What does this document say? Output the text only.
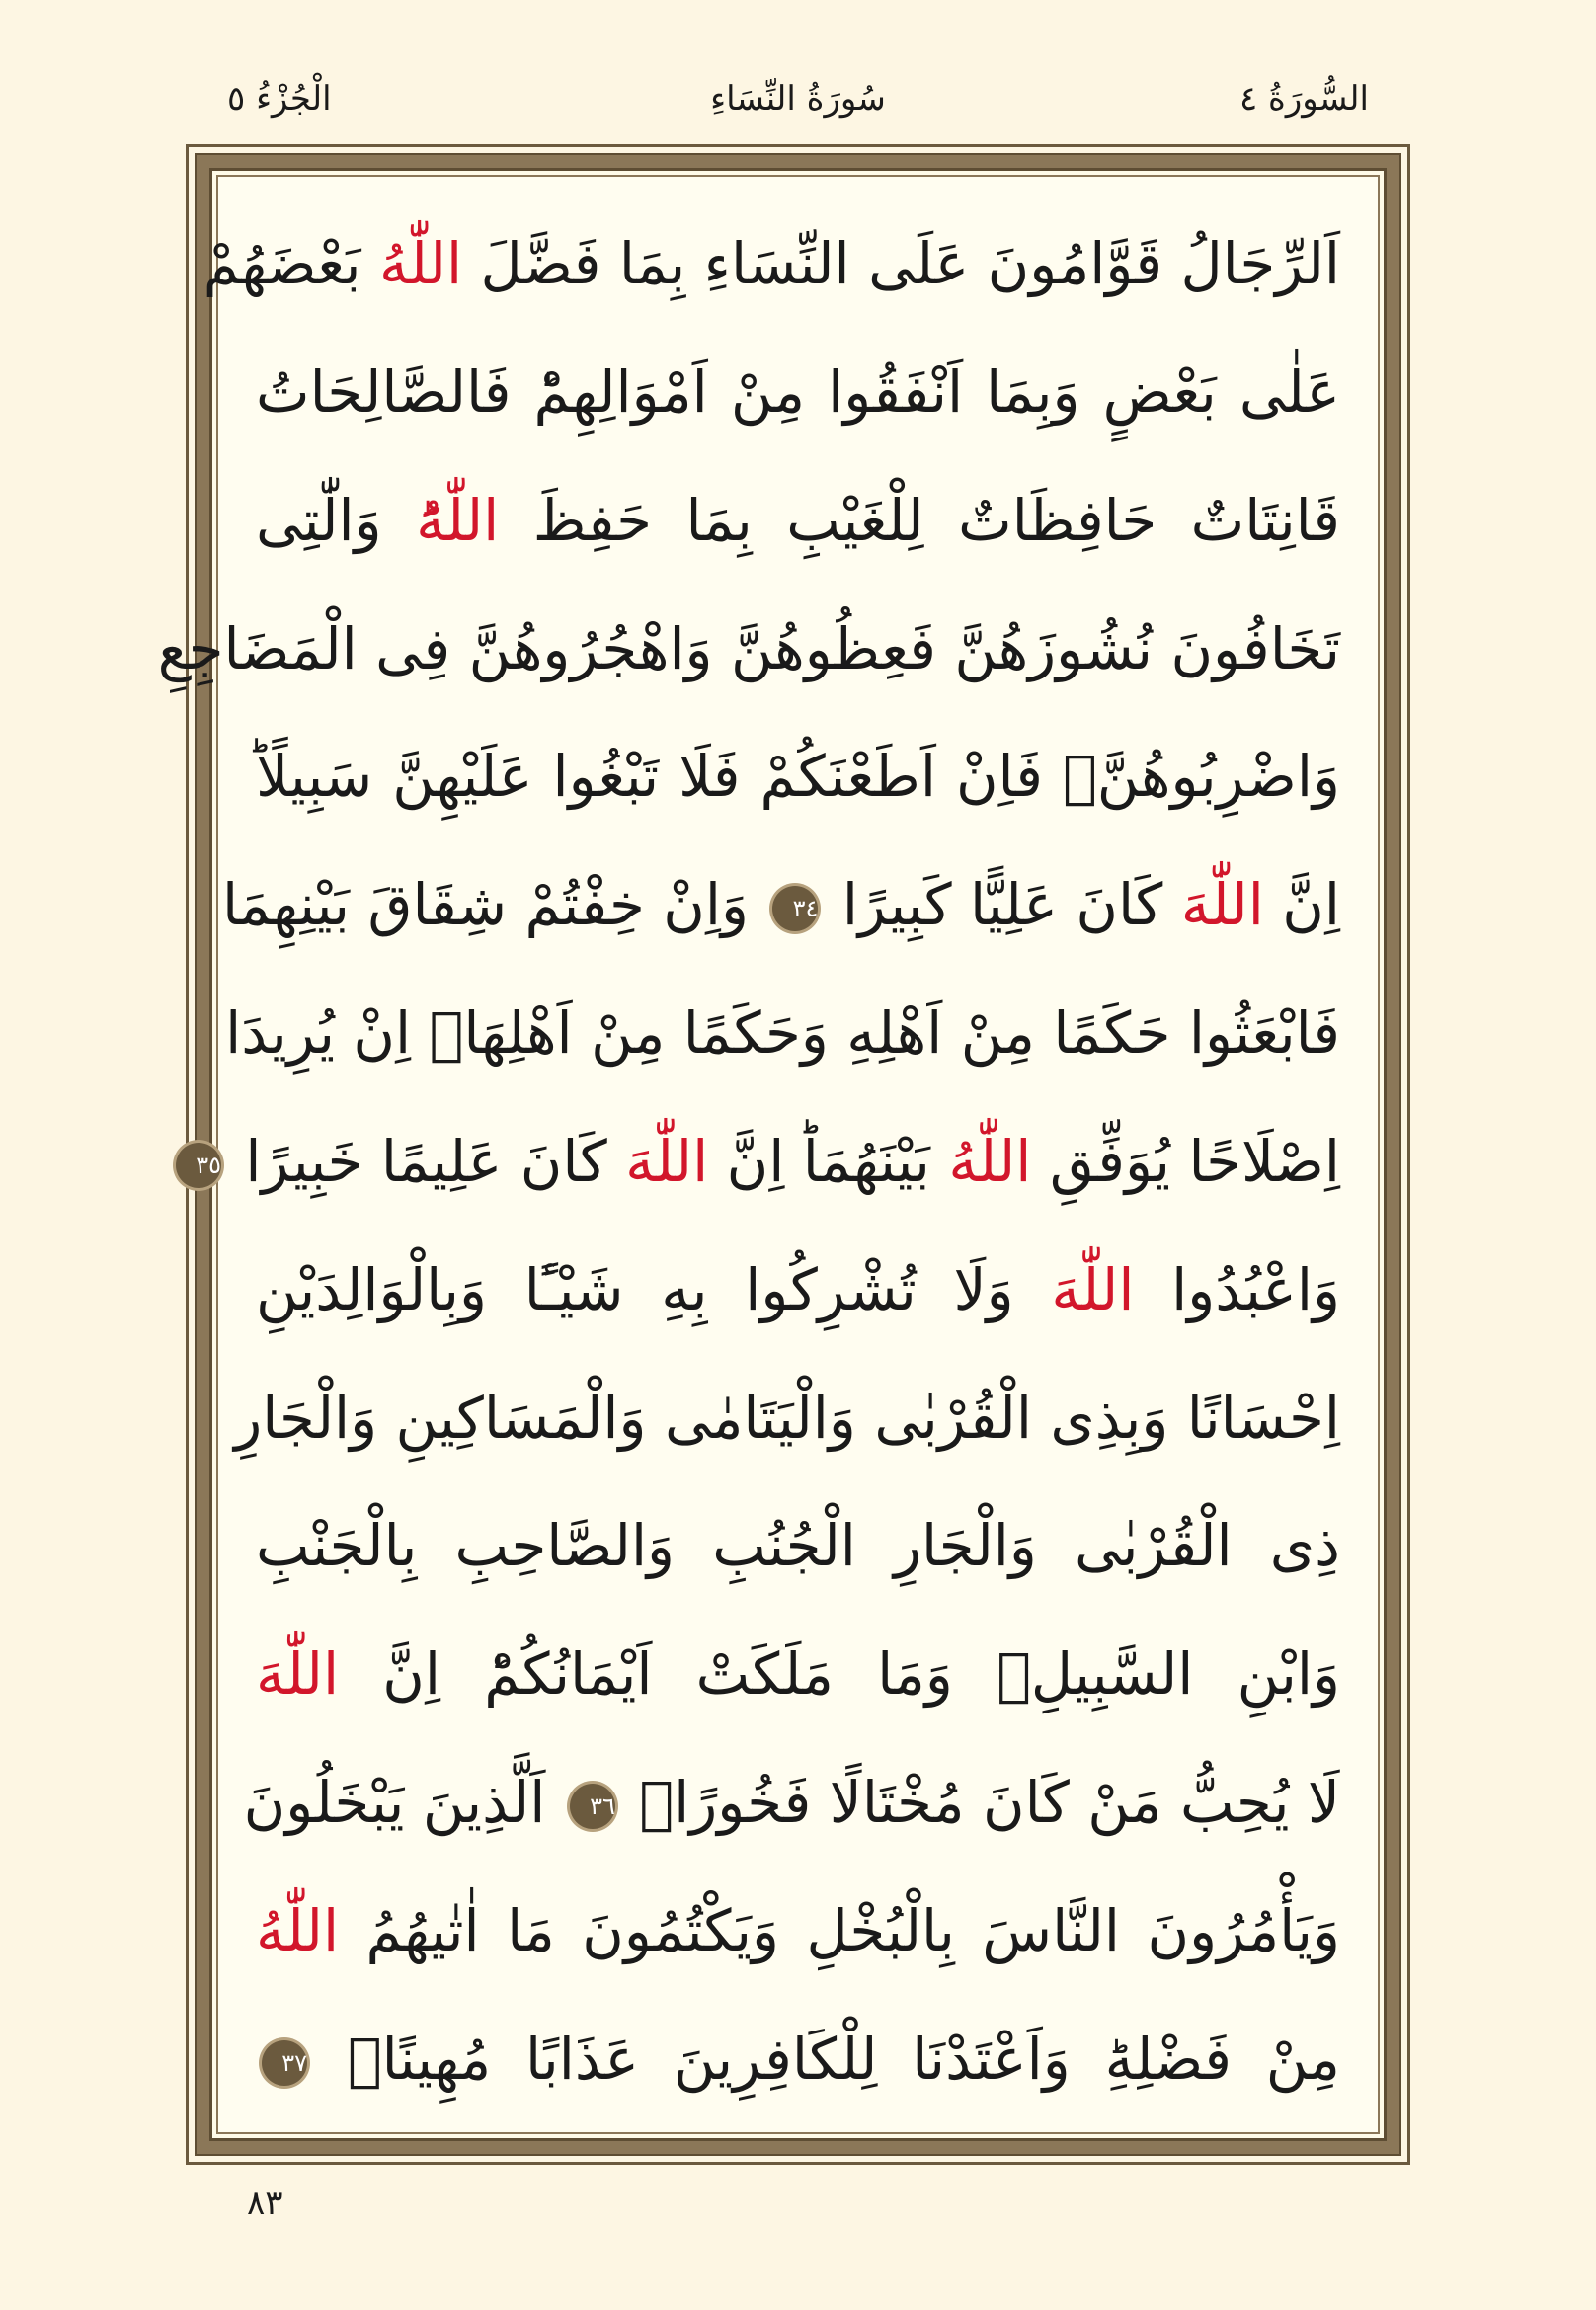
الْجُزْءُ ٥	سُورَةُ النِّسَاءِ	السُّورَةُ ٤
اَلرِّجَالُ قَوَّامُونَ عَلَى النِّسَاءِ بِمَا فَضَّلَ اللّٰهُ بَعْضَهُمْ
عَلٰى بَعْضٍ وَبِمَا اَنْفَقُوا مِنْ اَمْوَالِهِمْؕ فَالصَّالِحَاتُ
قَانِتَاتٌ حَافِظَاتٌ لِلْغَيْبِ بِمَا حَفِظَ اللّٰهُؕ وَالّٰتِى
تَخَافُونَ نُشُوزَهُنَّ فَعِظُوهُنَّ وَاهْجُرُوهُنَّ فِى الْمَضَاجِعِ
وَاضْرِبُوهُنَّۚ فَاِنْ اَطَعْنَكُمْ فَلَا تَبْغُوا عَلَيْهِنَّ سَبِيلًاؕ
اِنَّ اللّٰهَ كَانَ عَلِيًّا كَبِيرًا ٣٤ وَاِنْ خِفْتُمْ شِقَاقَ بَيْنِهِمَا
فَابْعَثُوا حَكَمًا مِنْ اَهْلِهِ وَحَكَمًا مِنْ اَهْلِهَاۚ اِنْ يُرِيدَا
اِصْلَاحًا يُوَفِّقِ اللّٰهُ بَيْنَهُمَاؕ اِنَّ اللّٰهَ كَانَ عَلِيمًا خَبِيرًا ٣٥
وَاعْبُدُوا اللّٰهَ وَلَا تُشْرِكُوا بِهِ شَيْـًٔا وَبِالْوَالِدَيْنِ
اِحْسَانًا وَبِذِى الْقُرْبٰى وَالْيَتَامٰى وَالْمَسَاكِينِ وَالْجَارِ
ذِى الْقُرْبٰى وَالْجَارِ الْجُنُبِ وَالصَّاحِبِ بِالْجَنْبِ
وَابْنِ السَّبِيلِۙ وَمَا مَلَكَتْ اَيْمَانُكُمْؕ اِنَّ اللّٰهَ
لَا يُحِبُّ مَنْ كَانَ مُخْتَالًا فَخُورًاۙ ٣٦ اَلَّذِينَ يَبْخَلُونَ
وَيَأْمُرُونَ النَّاسَ بِالْبُخْلِ وَيَكْتُمُونَ مَا اٰتٰيهُمُ اللّٰهُ
مِنْ فَضْلِهِؕ وَاَعْتَدْنَا لِلْكَافِرِينَ عَذَابًا مُهِينًاۚ ٣٧
٨٣
